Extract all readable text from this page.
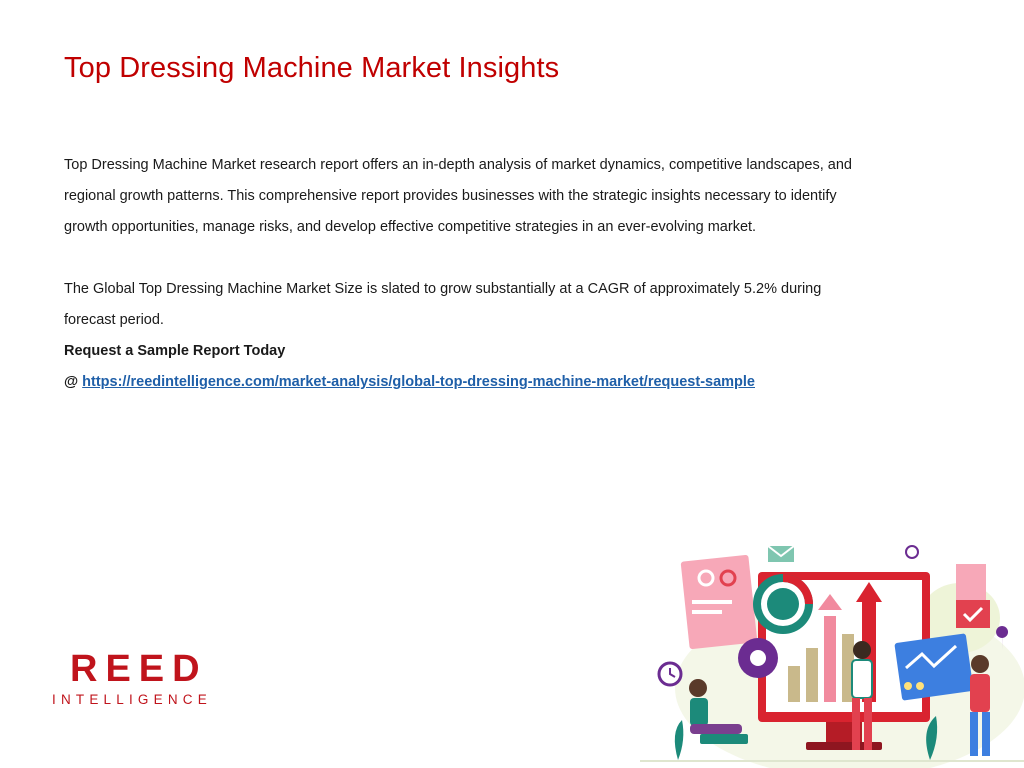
Top Dressing Machine Market Insights

Top Dressing Machine Market research report offers an in-depth analysis of market dynamics, competitive landscapes, and
regional growth patterns. This comprehensive report provides businesses with the strategic insights necessary to identify
growth opportunities, manage risks, and develop effective competitive strategies in an ever-evolving market.

The Global Top Dressing Machine Market Size is slated to grow substantially at a CAGR of approximately 5.2% during
forecast period.

Request a Sample Report Today

@ https://reedintelligence.com/market-analysis/global-top-dressing-machine-market/request-sample

REED
INTELLIGENCE
